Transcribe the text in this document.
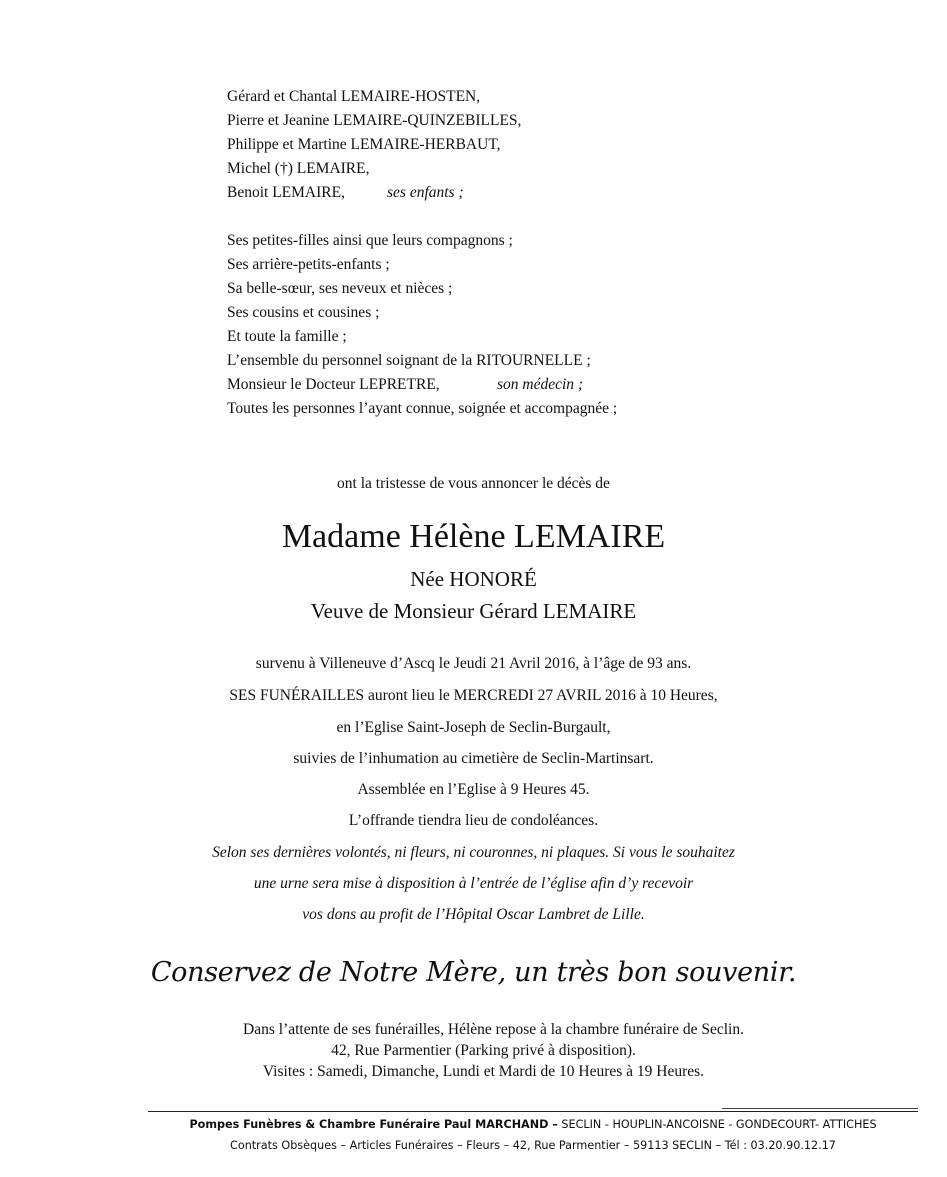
Gérard et Chantal LEMAIRE-HOSTEN,
Pierre et Jeanine LEMAIRE-QUINZEBILLES,
Philippe et Martine LEMAIRE-HERBAUT,
Michel (†) LEMAIRE,
Benoit LEMAIRE,	ses enfants ;
Ses petites-filles ainsi que leurs compagnons ;
Ses arrière-petits-enfants ;
Sa belle-sœur, ses neveux et nièces ;
Ses cousins et cousines ;
Et toute la famille ;
L’ensemble du personnel soignant de la RITOURNELLE ;
Monsieur le Docteur LEPRETRE,	son médecin ;
Toutes les personnes l’ayant connue, soignée et accompagnée ;
ont la tristesse de vous annoncer le décès de
Madame Hélène LEMAIRE
Née HONORÉ
Veuve de Monsieur Gérard LEMAIRE
survenu à Villeneuve d’Ascq le Jeudi 21 Avril 2016, à l’âge de 93 ans.
SES FUNÉRAILLES auront lieu le MERCREDI 27 AVRIL 2016 à 10 Heures,
en l’Eglise Saint-Joseph de Seclin-Burgault,
suivies de l’inhumation au cimetière de Seclin-Martinsart.
Assemblée en l’Eglise à 9 Heures 45.
L’offrande tiendra lieu de condoléances.
Selon ses dernières volontés, ni fleurs, ni couronnes, ni plaques. Si vous le souhaitez
une urne sera mise à disposition à l’entrée de l’église afin d’y recevoir
vos dons au profit de l’Hôpital Oscar Lambret de Lille.
Conservez de Notre Mère, un très bon souvenir.
Dans l’attente de ses funérailles, Hélène repose à la chambre funéraire de Seclin.
42, Rue Parmentier (Parking privé à disposition).
Visites : Samedi, Dimanche, Lundi et Mardi de 10 Heures à 19 Heures.
Pompes Funèbres & Chambre Funéraire Paul MARCHAND – SECLIN - HOUPLIN-ANCOISNE - GONDECOURT- ATTICHES
Contrats Obsèques – Articles Funéraires – Fleurs – 42, Rue Parmentier – 59113 SECLIN – Tél : 03.20.90.12.17
